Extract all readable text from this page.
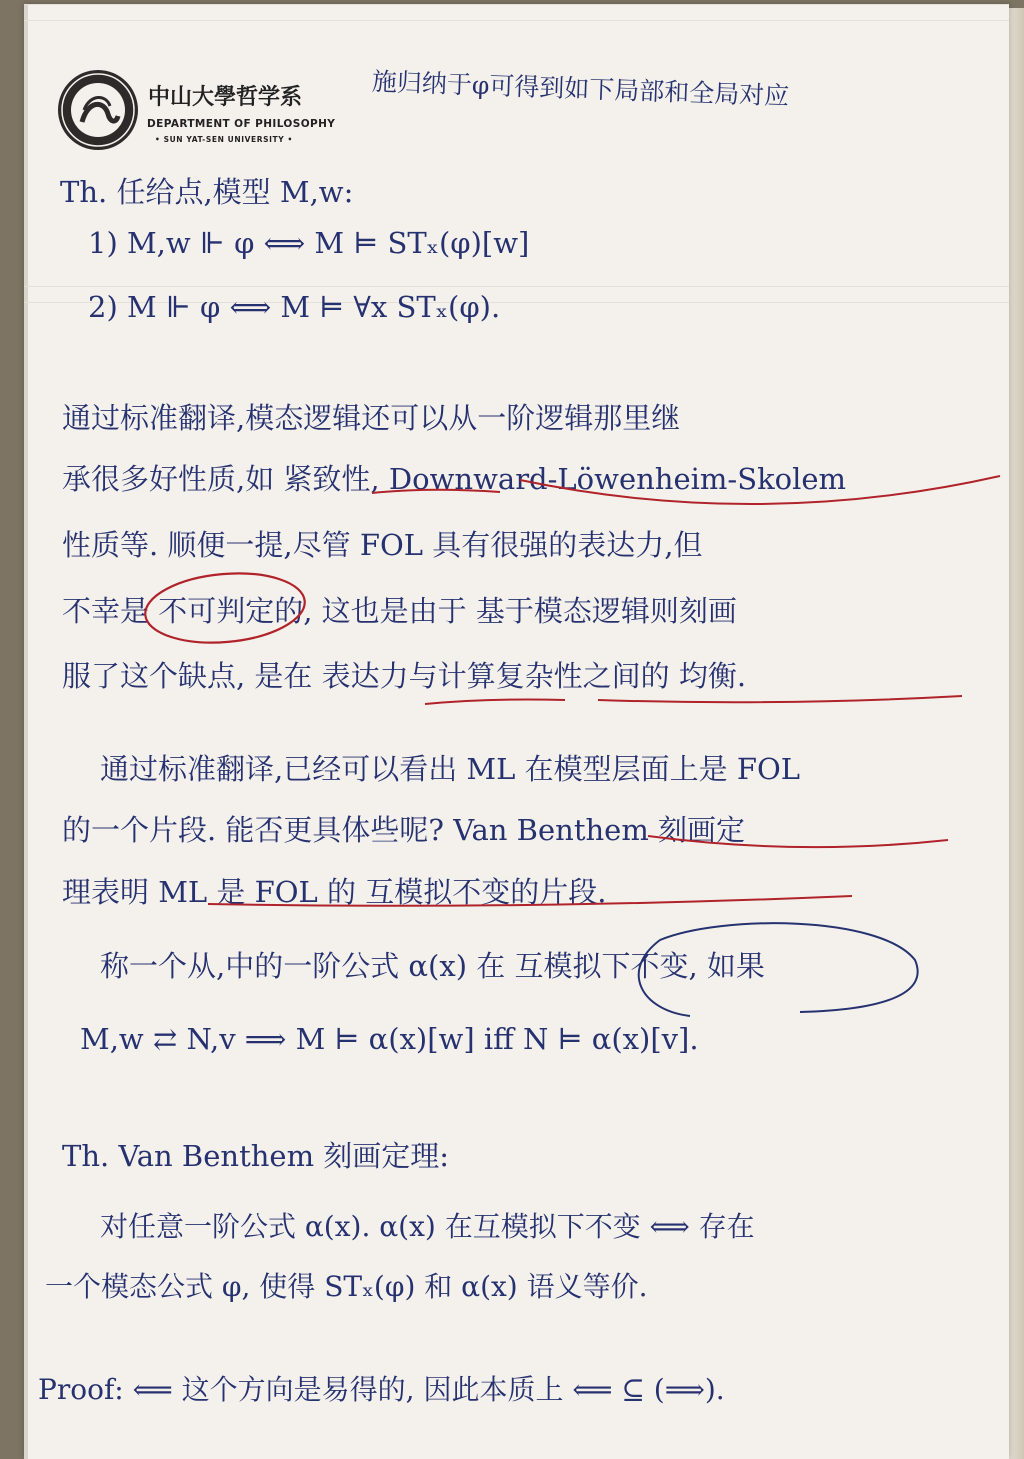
中山大學哲学系
DEPARTMENT OF PHILOSOPHY
• SUN YAT-SEN UNIVERSITY •
施归纳于φ可得到如下局部和全局对应
Th. 任给点,模型 M,w:
1) M,w ⊩ φ ⟺ M ⊨ STₓ(φ)[w]
2) M ⊩ φ ⟺ M ⊨ ∀x STₓ(φ).
通过标准翻译,模态逻辑还可以从一阶逻辑那里继
承很多好性质,如 紧致性, Downward-Löwenheim-Skolem
性质等. 顺便一提,尽管 FOL 具有很强的表达力,但
不幸是 不可判定的, 这也是由于 基于模态逻辑则刻画
服了这个缺点, 是在 表达力与计算复杂性之间的 均衡.
通过标准翻译,已经可以看出 ML 在模型层面上是 FOL
的一个片段. 能否更具体些呢? Van Benthem 刻画定
理表明 ML 是 FOL 的 互模拟不变的片段.
称一个从,中的一阶公式 α(x) 在 互模拟下不变, 如果
M,w ⇄ N,v ⟹ M ⊨ α(x)[w] iff N ⊨ α(x)[v].
Th. Van Benthem 刻画定理:
对任意一阶公式 α(x). α(x) 在互模拟下不变 ⟺ 存在
一个模态公式 φ, 使得 STₓ(φ) 和 α(x) 语义等价.
Proof: ⟸ 这个方向是易得的, 因此本质上 ⟸ ⊆ (⟹).
